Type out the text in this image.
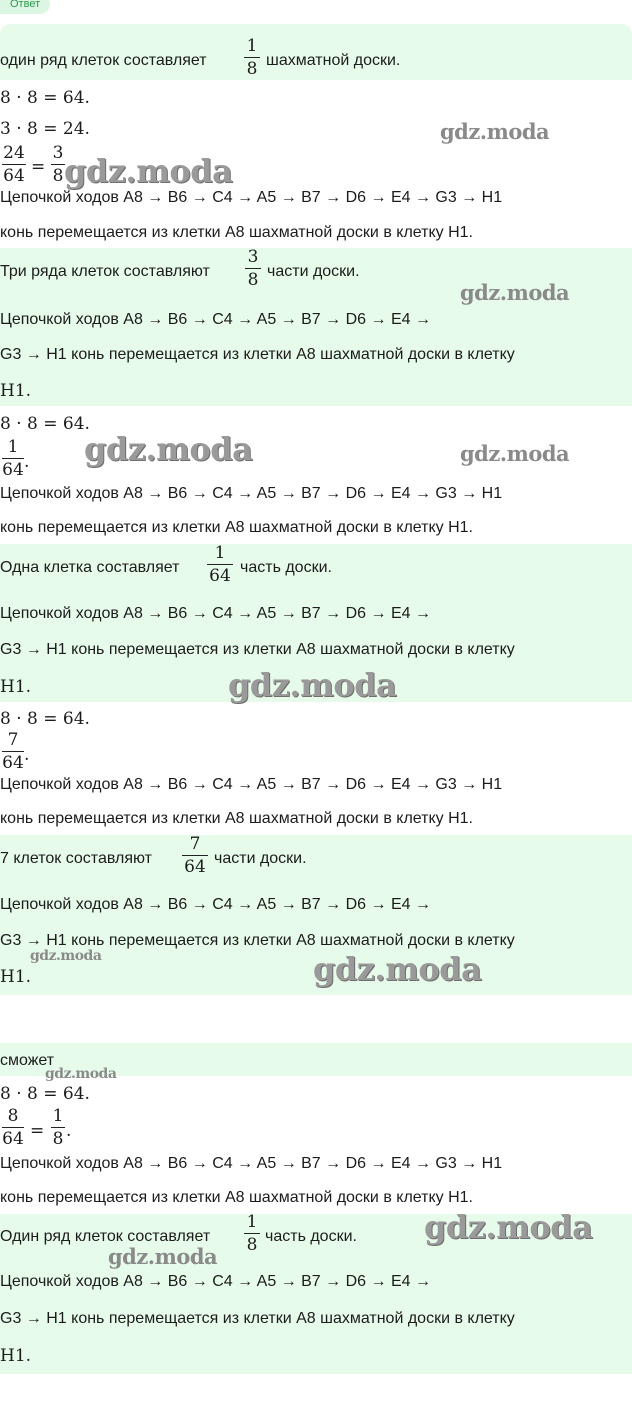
Ответ
один ряд клеток составляет
1
8 шахматной доски.
8 · 8 = 64.
3 · 8 = 24.
24
64 =
3
8
Цепочкой ходов A8 → B6 → C4 → A5 → B7 → D6 → E4 → G3 → H1
конь перемещается из клетки A8 шахматной доски в клетку H1.
Три ряда клеток составляют
3
8 части доски.
Цепочкой ходов A8 → B6 → C4 → A5 → B7 → D6 → E4 →
G3 → H1 конь перемещается из клетки A8 шахматной доски в клетку
H1.
8 · 8 = 64.
1
64 .
Цепочкой ходов A8 → B6 → C4 → A5 → B7 → D6 → E4 → G3 → H1
конь перемещается из клетки A8 шахматной доски в клетку H1.
Одна клетка составляет
1
64 часть доски.
Цепочкой ходов A8 → B6 → C4 → A5 → B7 → D6 → E4 →
G3 → H1 конь перемещается из клетки A8 шахматной доски в клетку
H1.
8 · 8 = 64.
7
64 .
Цепочкой ходов A8 → B6 → C4 → A5 → B7 → D6 → E4 → G3 → H1
конь перемещается из клетки A8 шахматной доски в клетку H1.
7 клеток составляют
7
64 части доски.
Цепочкой ходов A8 → B6 → C4 → A5 → B7 → D6 → E4 →
G3 → H1 конь перемещается из клетки A8 шахматной доски в клетку
H1.
сможет
8 · 8 = 64.
8
64 =
1
8 .
Цепочкой ходов A8 → B6 → C4 → A5 → B7 → D6 → E4 → G3 → H1
конь перемещается из клетки A8 шахматной доски в клетку H1.
Один ряд клеток составляет
1
8 часть доски.
Цепочкой ходов A8 → B6 → C4 → A5 → B7 → D6 → E4 →
G3 → H1 конь перемещается из клетки A8 шахматной доски в клетку
H1.
gdz.moda
gdz.moda
gdz.moda
gdz.moda	gdz.moda
gdz.moda
gdz.moda	gdz.moda
gdz.moda
gdz.moda
gdz.moda
